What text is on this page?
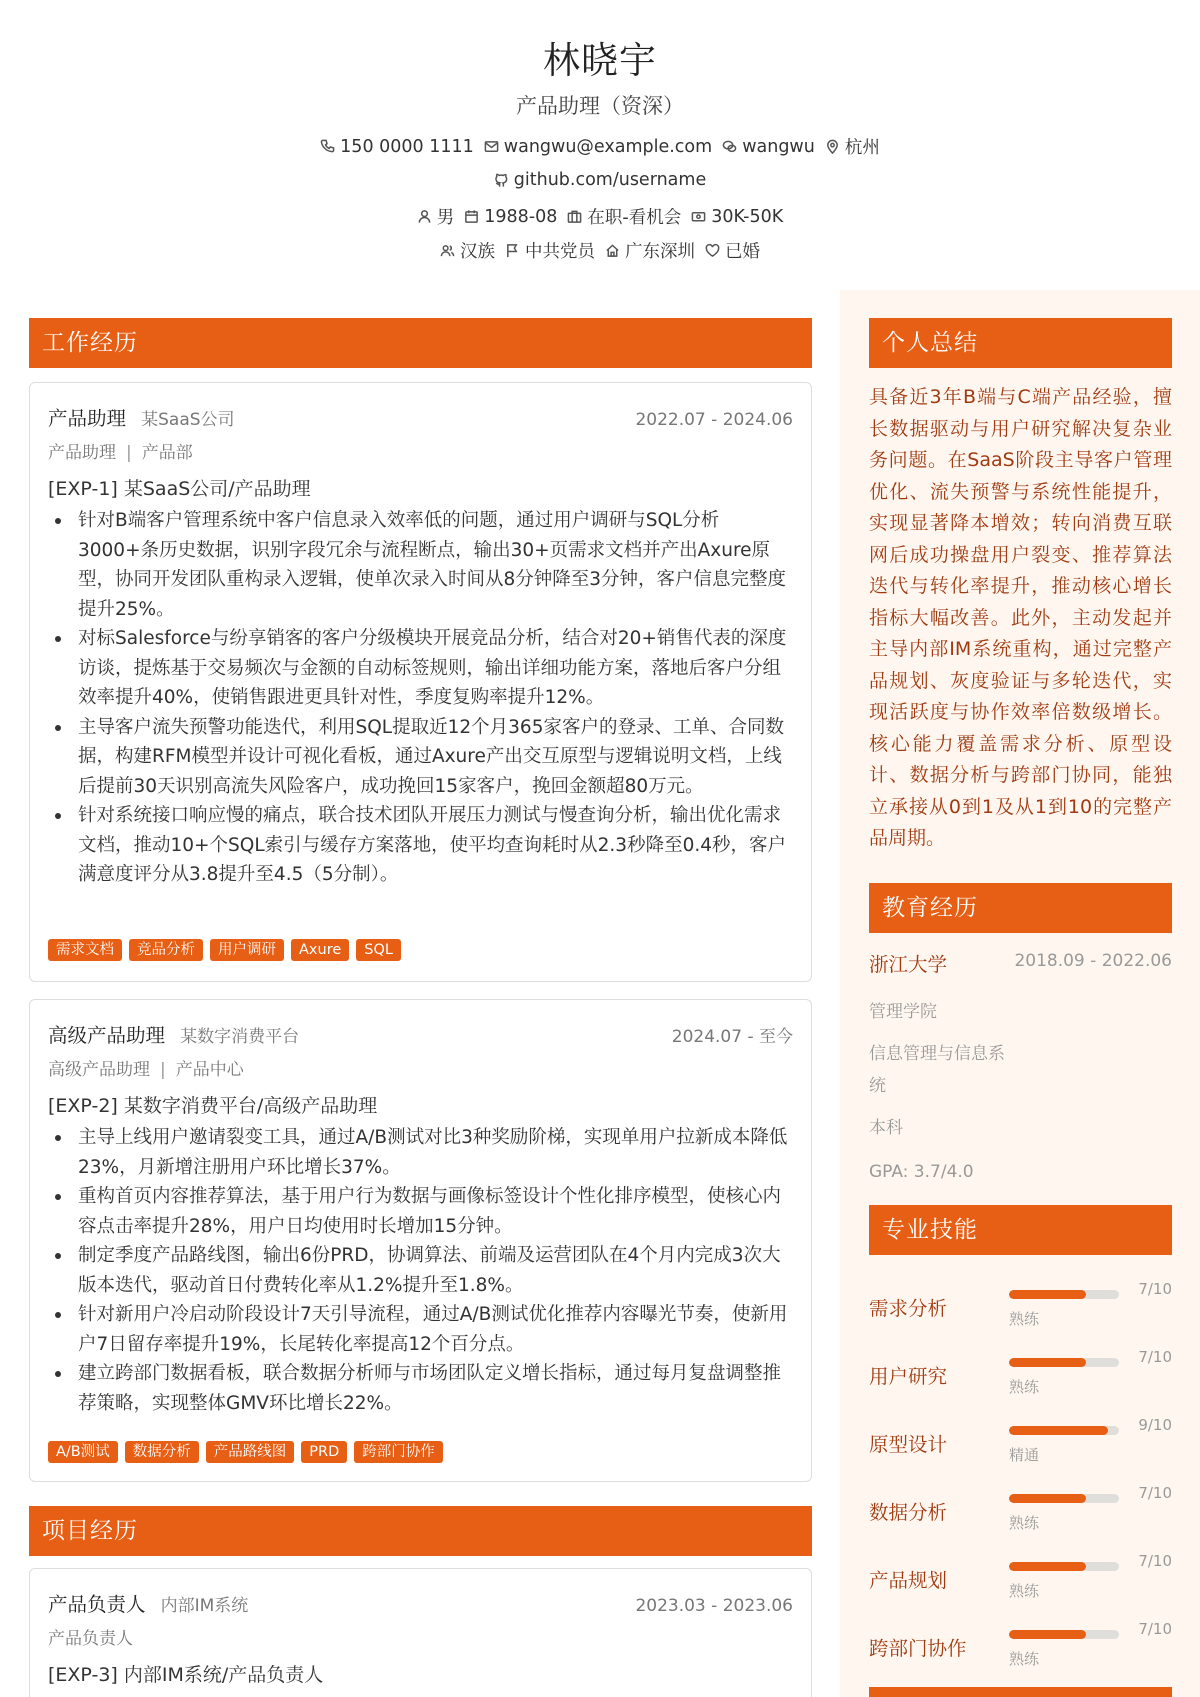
林晓宇
产品助理（资深）
150 0000 1111 wangwu@example.com wangwu 杭州
github.com/username
男 1988-08 在职-看机会 30K-50K
汉族 中共党员 广东深圳 已婚
个人总结
具备近3年B端与C端产品经验，擅长数据驱动与用户研究解决复杂业务问题。在SaaS阶段主导客户管理优化、流失预警与系统性能提升，实现显著降本增效；转向消费互联网后成功操盘用户裂变、推荐算法迭代与转化率提升，推动核心增长指标大幅改善。此外，主动发起并主导内部IM系统重构，通过完整产品规划、灰度验证与多轮迭代，实现活跃度与协作效率倍数级增长。核心能力覆盖需求分析、原型设计、数据分析与跨部门协同，能独立承接从0到1及从1到10的完整产品周期。
教育经历
浙江大学	2018.09 - 2022.06
管理学院
信息管理与信息系统
本科
GPA: 3.7/4.0
专业技能
需求分析
7/10
熟练
用户研究
7/10
熟练
原型设计
9/10
精通
数据分析
7/10
熟练
产品规划
7/10
熟练
跨部门协作
7/10
熟练
工作经历
产品助理 某SaaS公司	2022.07 - 2024.06
产品助理 | 产品部
[EXP-1] 某SaaS公司/产品助理
针对B端客户管理系统中客户信息录入效率低的问题，通过用户调研与SQL分析3000+条历史数据，识别字段冗余与流程断点，输出30+页需求文档并产出Axure原型，协同开发团队重构录入逻辑，使单次录入时间从8分钟降至3分钟，客户信息完整度提升25%。
对标Salesforce与纷享销客的客户分级模块开展竞品分析，结合对20+销售代表的深度访谈，提炼基于交易频次与金额的自动标签规则，输出详细功能方案，落地后客户分组效率提升40%，使销售跟进更具针对性，季度复购率提升12%。
主导客户流失预警功能迭代，利用SQL提取近12个月365家客户的登录、工单、合同数据，构建RFM模型并设计可视化看板，通过Axure产出交互原型与逻辑说明文档，上线后提前30天识别高流失风险客户，成功挽回15家客户，挽回金额超80万元。
针对系统接口响应慢的痛点，联合技术团队开展压力测试与慢查询分析，输出优化需求文档，推动10+个SQL索引与缓存方案落地，使平均查询耗时从2.3秒降至0.4秒，客户满意度评分从3.8提升至4.5（5分制）。
需求文档	竞品分析	用户调研	Axure	SQL
高级产品助理 某数字消费平台	2024.07 - 至今
高级产品助理 | 产品中心
[EXP-2] 某数字消费平台/高级产品助理
主导上线用户邀请裂变工具，通过A/B测试对比3种奖励阶梯，实现单用户拉新成本降低23%，月新增注册用户环比增长37%。
重构首页内容推荐算法，基于用户行为数据与画像标签设计个性化排序模型，使核心内容点击率提升28%，用户日均使用时长增加15分钟。
制定季度产品路线图，输出6份PRD，协调算法、前端及运营团队在4个月内完成3次大版本迭代，驱动首日付费转化率从1.2%提升至1.8%。
针对新用户冷启动阶段设计7天引导流程，通过A/B测试优化推荐内容曝光节奏，使新用户7日留存率提升19%，长尾转化率提高12个百分点。
建立跨部门数据看板，联合数据分析师与市场团队定义增长指标，通过每月复盘调整推荐策略，实现整体GMV环比增长22%。
A/B测试	数据分析	产品路线图	PRD	跨部门协作
项目经历
产品负责人 内部IM系统	2023.03 - 2023.06
产品负责人
[EXP-3] 内部IM系统/产品负责人
